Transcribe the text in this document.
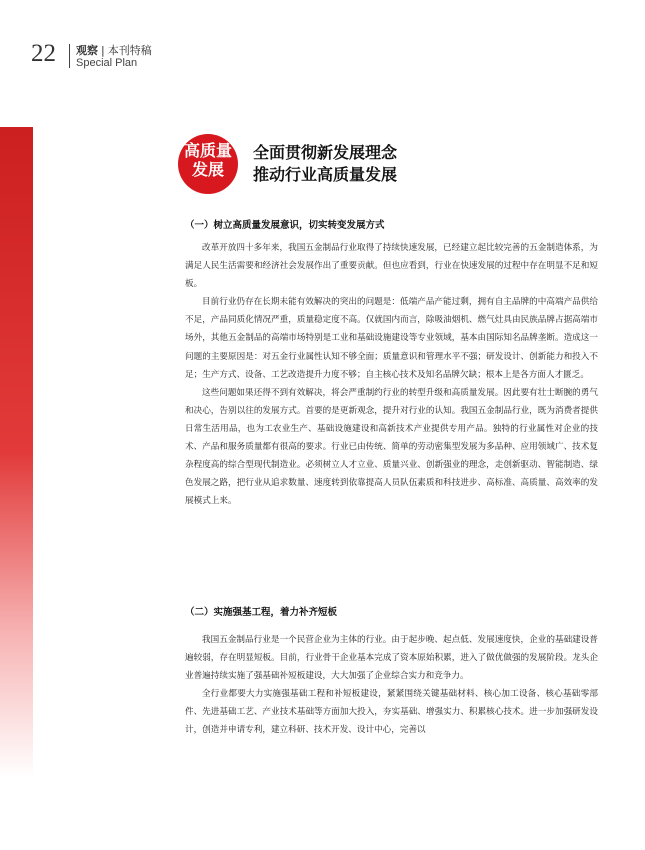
22 观察 | 本刊特稿
Special Plan
高质量
发展
全面贯彻新发展理念
推动行业高质量发展
（一）树立高质量发展意识，切实转变发展方式

改革开放四十多年来，我国五金制品行业取得了持续快速发展，已经建立起比较完善的五金制造体系，为满足人民生活需要和经济社会发展作出了重要贡献。但也应看到，行业在快速发展的过程中存在明显不足和短板。

目前行业仍存在长期未能有效解决的突出的问题是：低端产品产能过剩，拥有自主品牌的中高端产品供给不足，产品同质化情况严重，质量稳定度不高。仅就国内而言，除吸油烟机、燃气灶具由民族品牌占据高端市场外，其他五金制品的高端市场特别是工业和基础设施建设等专业领域，基本由国际知名品牌垄断。造成这一问题的主要原因是：对五金行业属性认知不够全面；质量意识和管理水平不强；研发设计、创新能力和投入不足；生产方式、设备、工艺改造提升力度不够；自主核心技术及知名品牌欠缺；根本上是各方面人才匮乏。

这些问题如果还得不到有效解决，将会严重制约行业的转型升级和高质量发展。因此要有壮士断腕的勇气和决心，告别以往的发展方式。首要的是更新观念，提升对行业的认知。我国五金制品行业，既为消费者提供日常生活用品，也为工农业生产、基础设施建设和高新技术产业提供专用产品。独特的行业属性对企业的技术、产品和服务质量都有很高的要求。行业已由传统、简单的劳动密集型发展为多品种、应用领域广、技术复杂程度高的综合型现代制造业。必须树立人才立业、质量兴业、创新强业的理念，走创新驱动、智能制造、绿色发展之路，把行业从追求数量、速度转到依靠提高人员队伍素质和科技进步、高标准、高质量、高效率的发展模式上来。

（二）实施强基工程，着力补齐短板

我国五金制品行业是一个民营企业为主体的行业。由于起步晚、起点低、发展速度快，企业的基础建设普遍较弱，存在明显短板。目前，行业骨干企业基本完成了资本原始积累，进入了做优做强的发展阶段。龙头企业普遍持续实施了强基础补短板建设，大大加强了企业综合实力和竞争力。

全行业都要大力实施强基础工程和补短板建设，紧紧围绕关键基础材料、核心加工设备、核心基础零部件、先进基础工艺、产业技术基础等方面加大投入，夯实基础、增强实力、积累核心技术。进一步加强研发设计，创造并申请专利，建立科研、技术开发、设计中心，完善以
